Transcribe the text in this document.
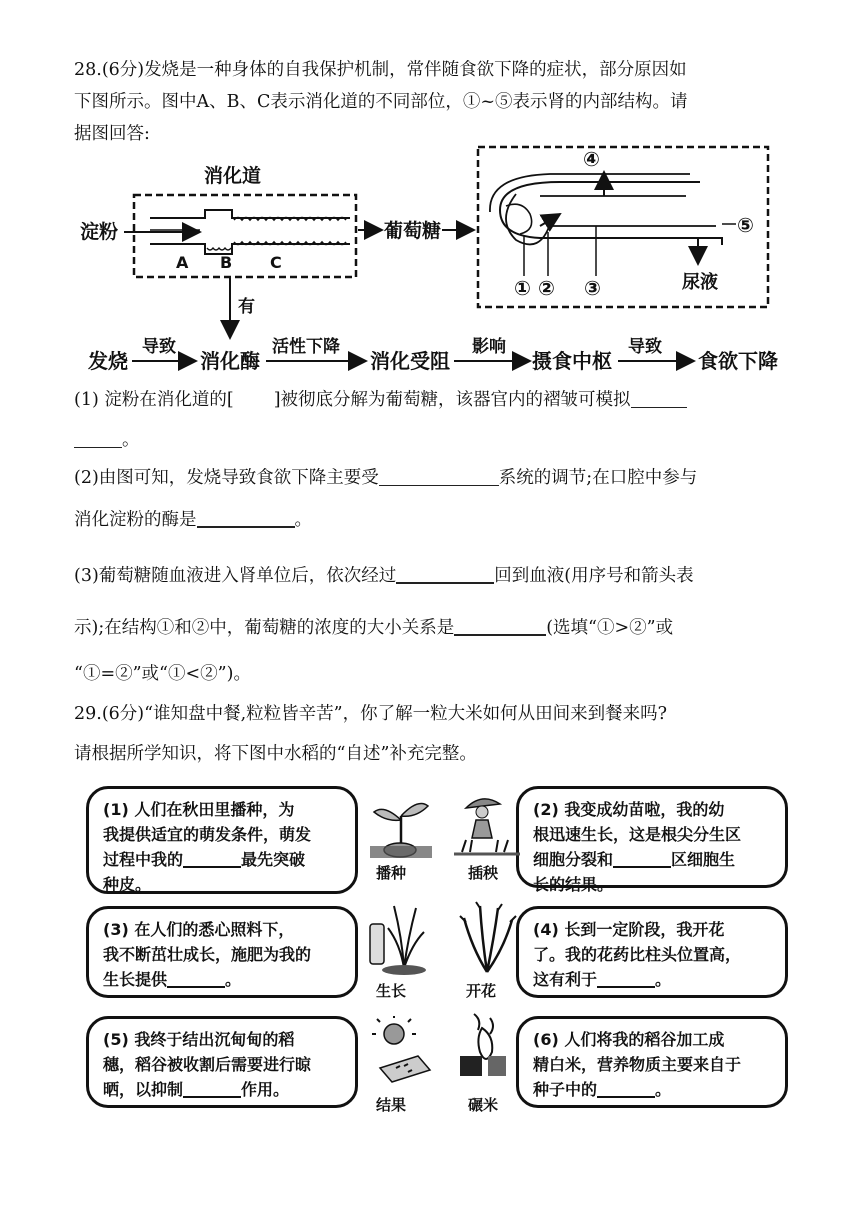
28.(6分)发烧是一种身体的自我保护机制，常伴随食欲下降的症状，部分原因如
下图所示。图中A、B、C表示消化道的不同部位，①~⑤表示肾的内部结构。请
据图回答:
消化道
淀粉
A B C
葡萄糖
有
发烧
导致
消化酶
活性下降
消化受阻
影响
摄食中枢
导致
食欲下降
④
⑤
① ② ③	尿液
(1) 淀粉在消化道的[ ]被彻底分解为葡萄糖，该器官内的褶皱可模拟
。
(2)由图可知，发烧导致食欲下降主要受	系统的调节;在口腔中参与
消化淀粉的酶是	。
(3)葡萄糖随血液进入肾单位后，依次经过	回到血液(用序号和箭头表
示);在结构①和②中，葡萄糖的浓度的大小关系是	(选填“①>②”或
“①=②”或“①<②”)。
29.(6分)“谁知盘中餐,粒粒皆辛苦”，你了解一粒大米如何从田间来到餐来吗?
请根据所学知识，将下图中水稻的“自述”补充完整。
(1) 人们在秋田里播种，为
我提供适宜的萌发条件，萌发
过程中我的	最先突破
种皮。
(2) 我变成幼苗啦，我的幼
根迅速生长，这是根尖分生区
细胞分裂和	区细胞生
长的结果。
(3) 在人们的悉心照料下，
我不断茁壮成长，施肥为我的
生长提供	。
(4) 长到一定阶段，我开花
了。我的花药比柱头位置高，
这有利于	。
(5) 我终于结出沉甸甸的稻
穗，稻谷被收割后需要进行晾
晒，以抑制	作用。
(6) 人们将我的稻谷加工成
精白米，营养物质主要来自于
种子中的	。
播种	插秧
生长	开花
结果	碾米
